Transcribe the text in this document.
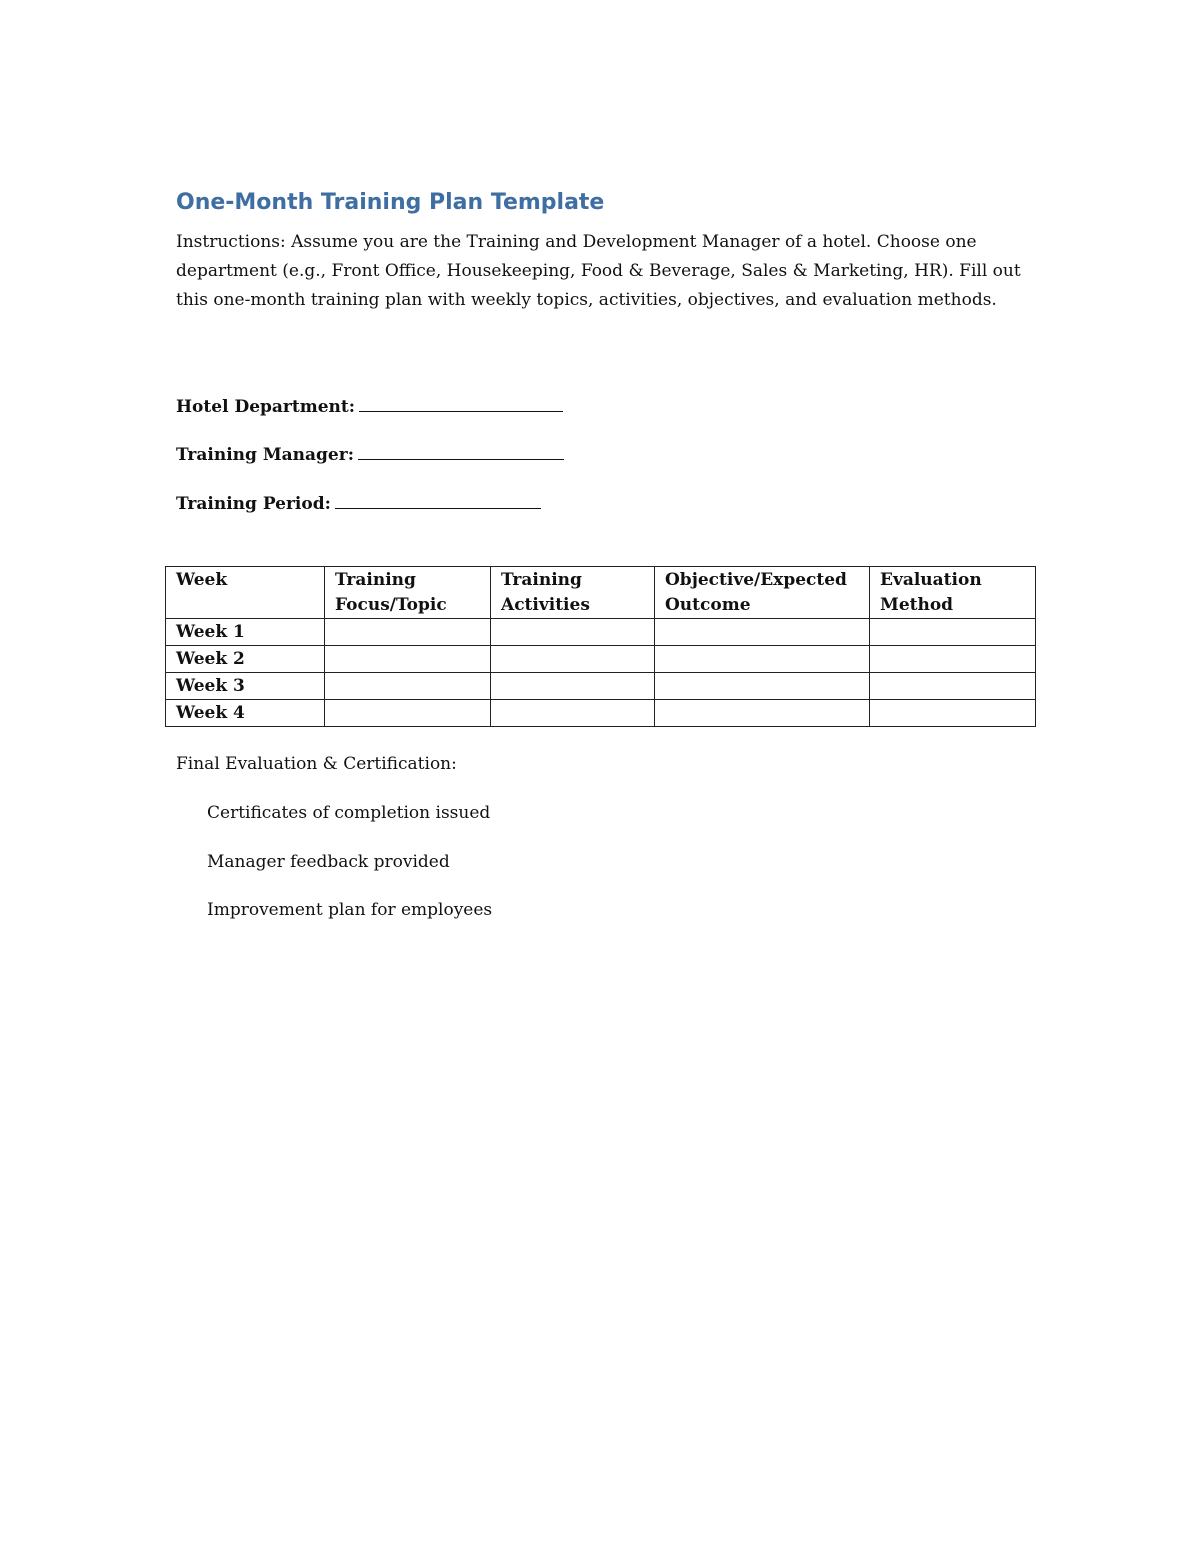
One-Month Training Plan Template

Instructions: Assume you are the Training and Development Manager of a hotel. Choose one department (e.g., Front Office, Housekeeping, Food & Beverage, Sales & Marketing, HR). Fill out this one-month training plan with weekly topics, activities, objectives, and evaluation methods.

Hotel Department:
Training Manager:
Training Period:
Week	Training Focus/Topic	Training Activities	Objective/Expected Outcome	Evaluation Method
Week 1				
Week 2				
Week 3				
Week 4				
Final Evaluation & Certification:
Certificates of completion issued
Manager feedback provided
Improvement plan for employees
